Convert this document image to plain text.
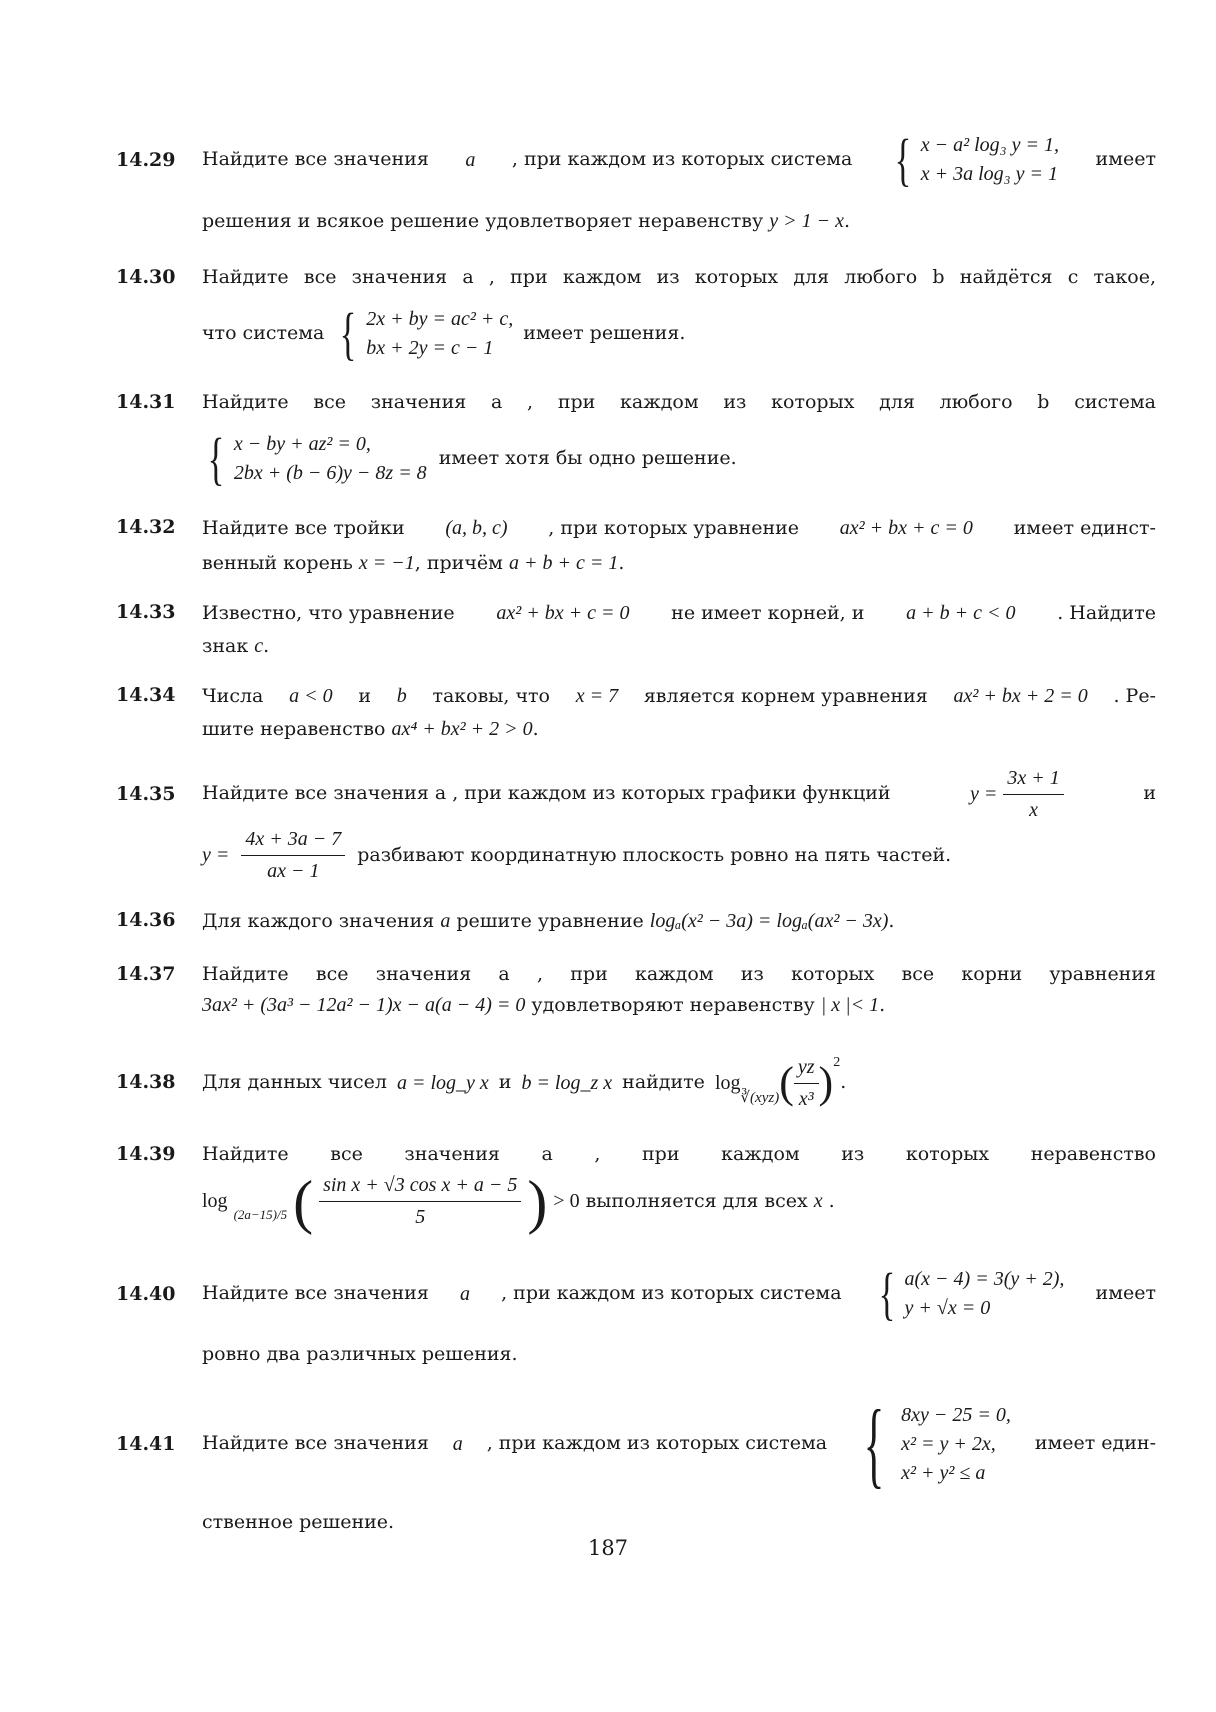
14.29 Найдите все значения a , при каждом из которых система { x − a² log₃ y = 1,
x + 3a log₃ y = 1
имеет
решения и всякое решение удовлетворяет неравенству y > 1 − x.
14.30 Найдите все значения a , при каждом из которых для любого b найдётся c такое,
что система { 2x + by = ac² + c,
bx + 2y = c − 1
имеет решения.
14.31 Найдите все значения a , при каждом из которых для любого b система
{ x − by + az² = 0,
2bx + (b − 6)y − 8z = 8
имеет хотя бы одно решение.
14.32 Найдите все тройки (a, b, c) , при которых уравнение ax² + bx + c = 0 имеет единст-
венный корень x = −1, причём a + b + c = 1.
14.33 Известно, что уравнение ax² + bx + c = 0 не имеет корней, и a + b + c < 0 . Найдите
знак c.
14.34 Числа a < 0 и b таковы, что x = 7 является корнем уравнения ax² + bx + 2 = 0 . Ре-
шите неравенство ax⁴ + bx² + 2 > 0.
14.35 Найдите все значения a , при каждом из которых графики функций	$y = \frac{3x + 1}{x}$	и
$y = \frac{4x + 3a - 7}{ax - 1}$ разбивают координатную плоскость ровно на пять частей.
14.36 Для каждого значения a решите уравнение logₐ(x² − 3a) = logₐ(ax² − 3x).
14.37 Найдите все значения a , при каждом из которых все корни уравнения
3ax² + (3a³ − 12a² − 1)x − a(a − 4) = 0 удовлетворяют неравенству | x |< 1.
14.38 Для данных чисел a = log_y x и b = log_z x найдите log
∛(xyz) ( $\frac{yz}{\text{x³}}$ ) 2
.
14.39 Найдите все значения a , при каждом из которых неравенство
log
(2a−15)/5 ( $\frac{\text{sin x + √3 cos x + a − 5}}{5}$ ) > 0 выполняется для всех x .
14.40 Найдите все значения a , при каждом из которых система { a(x − 4) = 3(y + 2),
y + √x = 0
имеет
ровно два различных решения.
14.41 Найдите все значения a , при каждом из которых система { 8xy − 25 = 0,
x² = y + 2x,
x² + y² ≤ a
имеет един-
ственное решение.
187
